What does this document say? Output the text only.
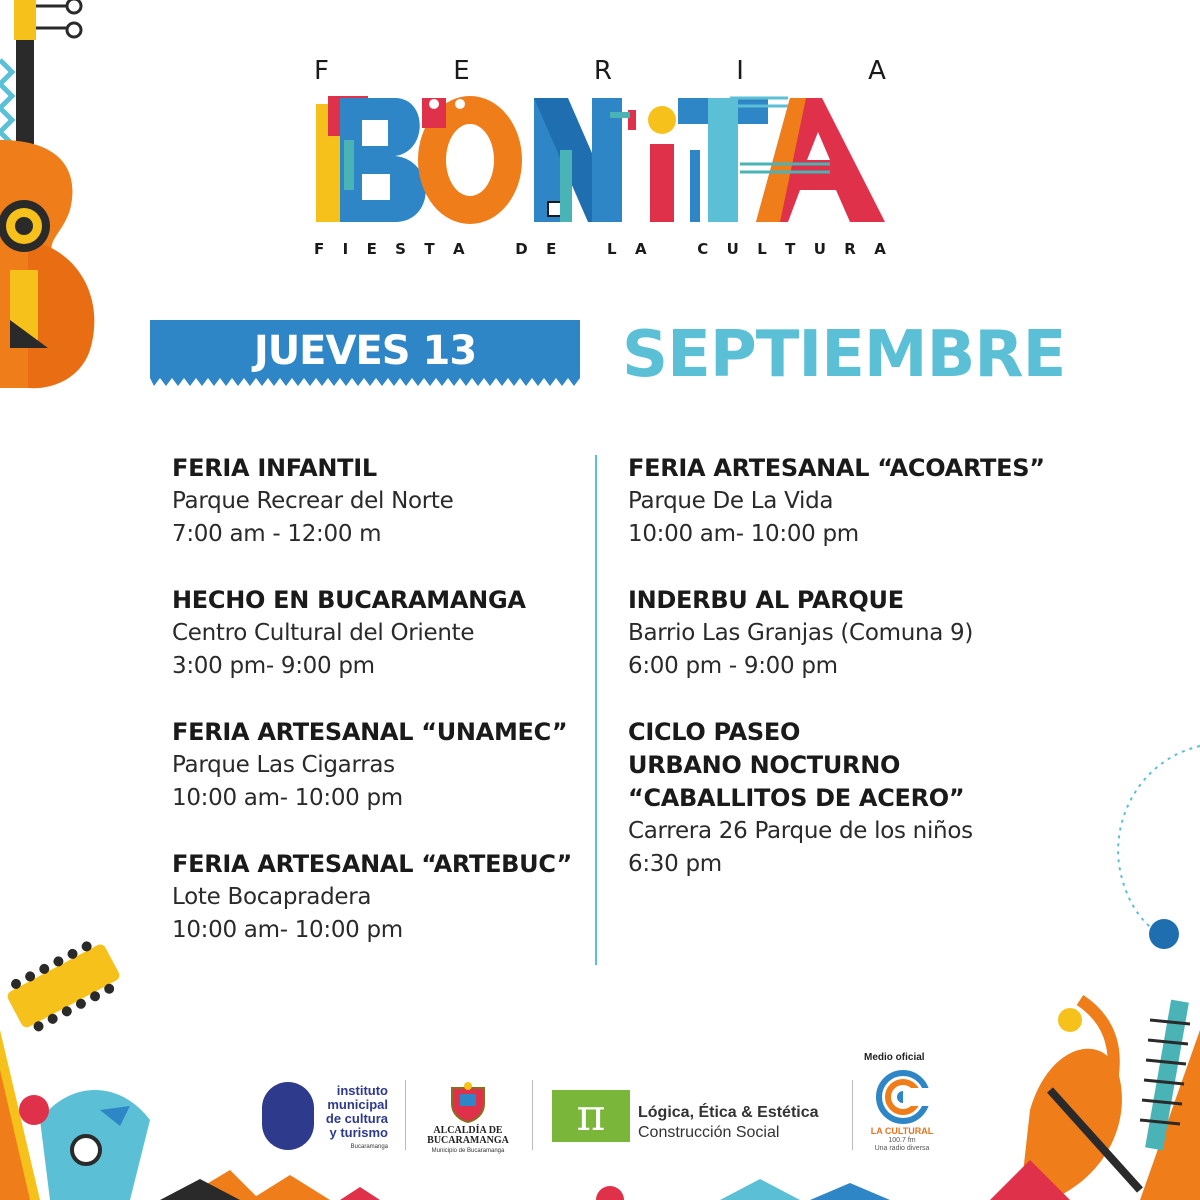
F	E	R	I	A
F I E S T A	D E	L A	C U L T U R A
JUEVES 13	SEPTIEMBRE
FERIA INFANTIL
Parque Recrear del Norte
7:00 am - 12:00 m
HECHO EN BUCARAMANGA
Centro Cultural del Oriente
3:00 pm- 9:00 pm
FERIA ARTESANAL “UNAMEC”
Parque Las Cigarras
10:00 am- 10:00 pm
FERIA ARTESANAL “ARTEBUC”
Lote Bocapradera
10:00 am- 10:00 pm
FERIA ARTESANAL “ACOARTES”
Parque De La Vida
10:00 am- 10:00 pm
INDERBU AL PARQUE
Barrio Las Granjas (Comuna 9)
6:00 pm - 9:00 pm
CICLO PASEO
URBANO NOCTURNO
“CABALLITOS DE ACERO”
Carrera 26 Parque de los niños
6:30 pm
instituto
municipal
de cultura
y turismo
Bucaramanga
ALCALDÍA DE
BUCARAMANGA
Municipio de Bucaramanga
π	Lógica, Ética & Estética
Construcción Social
Medio oficial
LA CULTURAL
100.7 fm
Una radio diversa
